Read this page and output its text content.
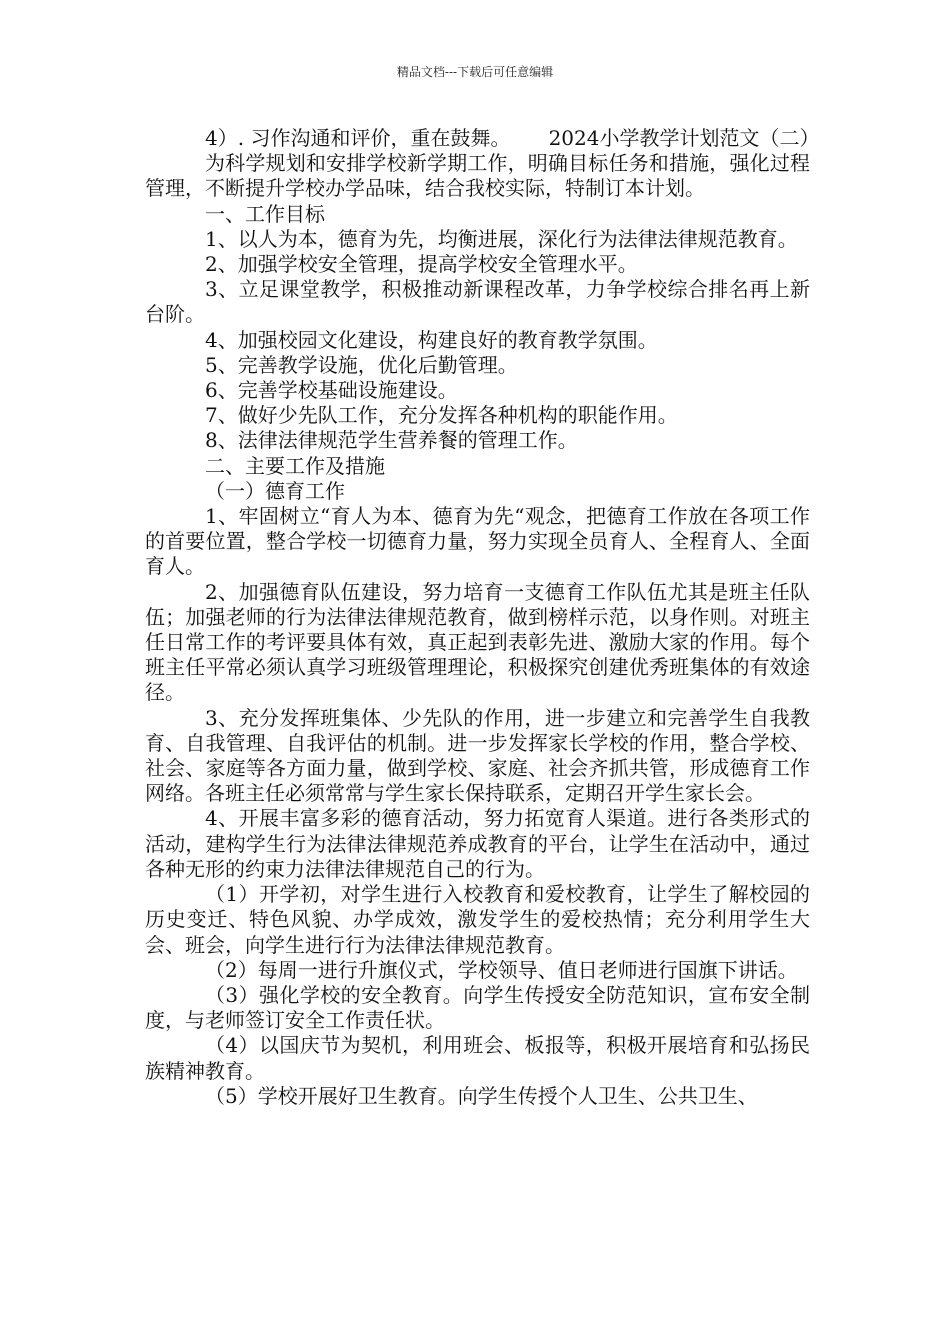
精品文档---下载后可任意编辑

4）. 习作沟通和评价，重在鼓舞。      2024小学教学计划范文（二）

为科学规划和安排学校新学期工作，明确目标任务和措施，强化过程管理，不断提升学校办学品味，结合我校实际，特制订本计划。

一、工作目标

1、以人为本，德育为先，均衡进展，深化行为法律法律规范教育。

2、加强学校安全管理，提高学校安全管理水平。

3、立足课堂教学，积极推动新课程改革，力争学校综合排名再上新台阶。

4、加强校园文化建设，构建良好的教育教学氛围。

5、完善教学设施，优化后勤管理。

6、完善学校基础设施建设。

7、做好少先队工作，充分发挥各种机构的职能作用。

8、法律法律规范学生营养餐的管理工作。

二、主要工作及措施

（一）德育工作

1、牢固树立“育人为本、德育为先“观念，把德育工作放在各项工作的首要位置，整合学校一切德育力量，努力实现全员育人、全程育人、全面育人。

2、加强德育队伍建设，努力培育一支德育工作队伍尤其是班主任队伍；加强老师的行为法律法律规范教育，做到榜样示范，以身作则。对班主任日常工作的考评要具体有效，真正起到表彰先进、激励大家的作用。每个班主任平常必须认真学习班级管理理论，积极探究创建优秀班集体的有效途径。

3、充分发挥班集体、少先队的作用，进一步建立和完善学生自我教育、自我管理、自我评估的机制。进一步发挥家长学校的作用，整合学校、社会、家庭等各方面力量，做到学校、家庭、社会齐抓共管，形成德育工作网络。各班主任必须常常与学生家长保持联系，定期召开学生家长会。

4、开展丰富多彩的德育活动，努力拓宽育人渠道。进行各类形式的活动，建构学生行为法律法律规范养成教育的平台，让学生在活动中，通过各种无形的约束力法律法律规范自己的行为。

（1）开学初，对学生进行入校教育和爱校教育，让学生了解校园的历史变迁、特色风貌、办学成效，激发学生的爱校热情；充分利用学生大会、班会，向学生进行行为法律法律规范教育。

（2）每周一进行升旗仪式，学校领导、值日老师进行国旗下讲话。

（3）强化学校的安全教育。向学生传授安全防范知识，宣布安全制度，与老师签订安全工作责任状。

（4）以国庆节为契机，利用班会、板报等，积极开展培育和弘扬民族精神教育。

（5）学校开展好卫生教育。向学生传授个人卫生、公共卫生、
